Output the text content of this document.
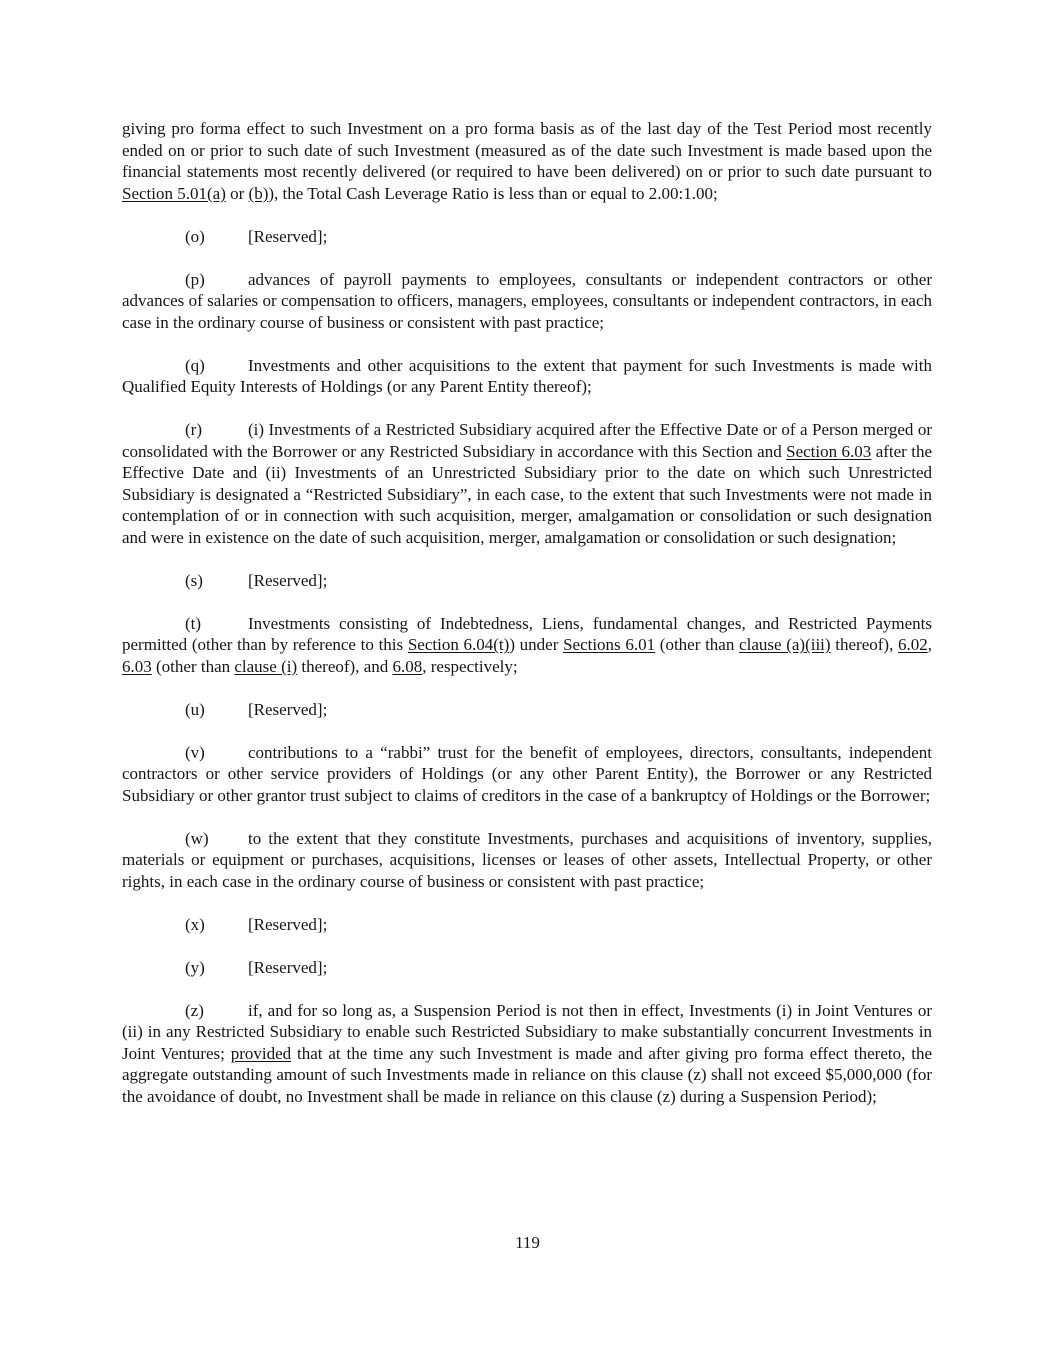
giving pro forma effect to such Investment on a pro forma basis as of the last day of the Test Period most recently ended on or prior to such date of such Investment (measured as of the date such Investment is made based upon the financial statements most recently delivered (or required to have been delivered) on or prior to such date pursuant to Section 5.01(a) or (b)), the Total Cash Leverage Ratio is less than or equal to 2.00:1.00;

(o)	[Reserved];

(p)	advances of payroll payments to employees, consultants or independent contractors or other advances of salaries or compensation to officers, managers, employees, consultants or independent contractors, in each case in the ordinary course of business or consistent with past practice;

(q)	Investments and other acquisitions to the extent that payment for such Investments is made with Qualified Equity Interests of Holdings (or any Parent Entity thereof);

(r)	(i) Investments of a Restricted Subsidiary acquired after the Effective Date or of a Person merged or consolidated with the Borrower or any Restricted Subsidiary in accordance with this Section and Section 6.03 after the Effective Date and (ii) Investments of an Unrestricted Subsidiary prior to the date on which such Unrestricted Subsidiary is designated a “Restricted Subsidiary”, in each case, to the extent that such Investments were not made in contemplation of or in connection with such acquisition, merger, amalgamation or consolidation or such designation and were in existence on the date of such acquisition, merger, amalgamation or consolidation or such designation;

(s)	[Reserved];

(t)	Investments consisting of Indebtedness, Liens, fundamental changes, and Restricted Payments permitted (other than by reference to this Section 6.04(t)) under Sections 6.01 (other than clause (a)(iii) thereof), 6.02, 6.03 (other than clause (i) thereof), and 6.08, respectively;

(u)	[Reserved];

(v)	contributions to a “rabbi” trust for the benefit of employees, directors, consultants, independent contractors or other service providers of Holdings (or any other Parent Entity), the Borrower or any Restricted Subsidiary or other grantor trust subject to claims of creditors in the case of a bankruptcy of Holdings or the Borrower;

(w) to the extent that they constitute Investments, purchases and acquisitions of inventory, supplies, materials or equipment or purchases, acquisitions, licenses or leases of other assets, Intellectual Property, or other rights, in each case in the ordinary course of business or consistent with past practice;

(x)	[Reserved];

(y)	[Reserved];

(z)	if, and for so long as, a Suspension Period is not then in effect, Investments (i) in Joint Ventures or (ii) in any Restricted Subsidiary to enable such Restricted Subsidiary to make substantially concurrent Investments in Joint Ventures; provided that at the time any such Investment is made and after giving pro forma effect thereto, the aggregate outstanding amount of such Investments made in reliance on this clause (z) shall not exceed $5,000,000 (for the avoidance of doubt, no Investment shall be made in reliance on this clause (z) during a Suspension Period);

119
